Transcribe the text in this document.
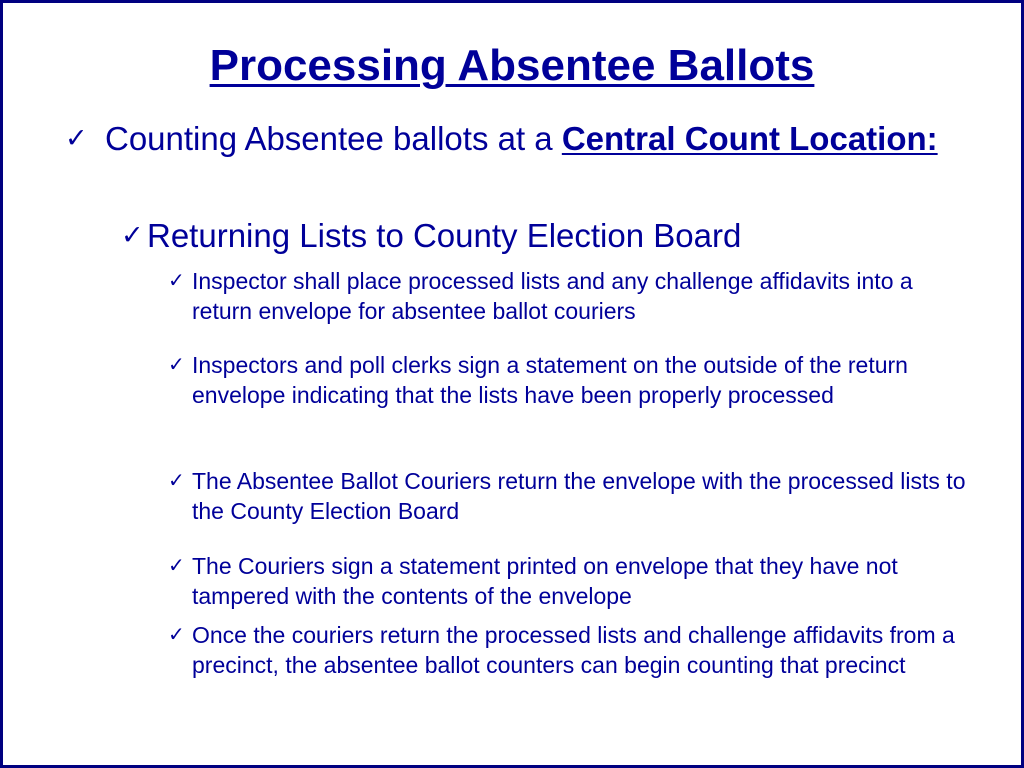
Processing Absentee Ballots
✓ Counting Absentee ballots at a Central Count Location:
✓ Returning Lists to County Election Board
✓ Inspector shall place processed lists and any challenge affidavits into a return envelope for absentee ballot couriers
✓ Inspectors and poll clerks sign a statement on the outside of the return envelope indicating that the lists have been properly processed
✓ The Absentee Ballot Couriers return the envelope with the processed lists to the County Election Board
✓ The Couriers sign a statement printed on envelope that they have not tampered with the contents of the envelope
✓ Once the couriers return the processed lists and challenge affidavits from a precinct, the absentee ballot counters can begin counting that precinct
